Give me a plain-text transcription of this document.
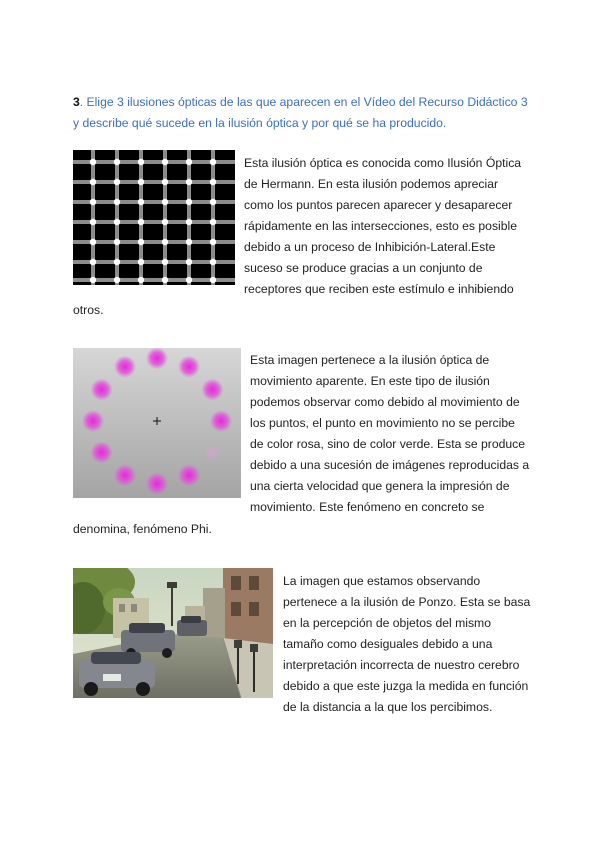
3. Elige 3 ilusiones ópticas de las que aparecen en el Vídeo del Recurso Didáctico 3
y describe qué sucede en la ilusión óptica y por qué se ha producido.
Esta ilusión óptica es conocida como Ilusión Óptica
de Hermann. En esta ilusión podemos apreciar
como los puntos parecen aparecer y desaparecer
rápidamente en las intersecciones, esto es posible
debido a un proceso de Inhibición-Lateral.Este
suceso se produce gracias a un conjunto de
receptores que reciben este estímulo e inhibiendo
otros.
Esta imagen pertenece a la ilusión óptica de
movimiento aparente. En este tipo de ilusión
podemos observar como debido al movimiento de
los puntos, el punto en movimiento no se percibe
de color rosa, sino de color verde. Esta se produce
debido a una sucesión de imágenes reproducidas a
una cierta velocidad que genera la impresión de
movimiento. Este fenómeno en concreto se
denomina, fenómeno Phi.
La imagen que estamos observando
pertenece a la ilusión de Ponzo. Esta se basa
en la percepción de objetos del mismo
tamaño como desiguales debido a una
interpretación incorrecta de nuestro cerebro
debido a que este juzga la medida en función
de la distancia a la que los percibimos.
